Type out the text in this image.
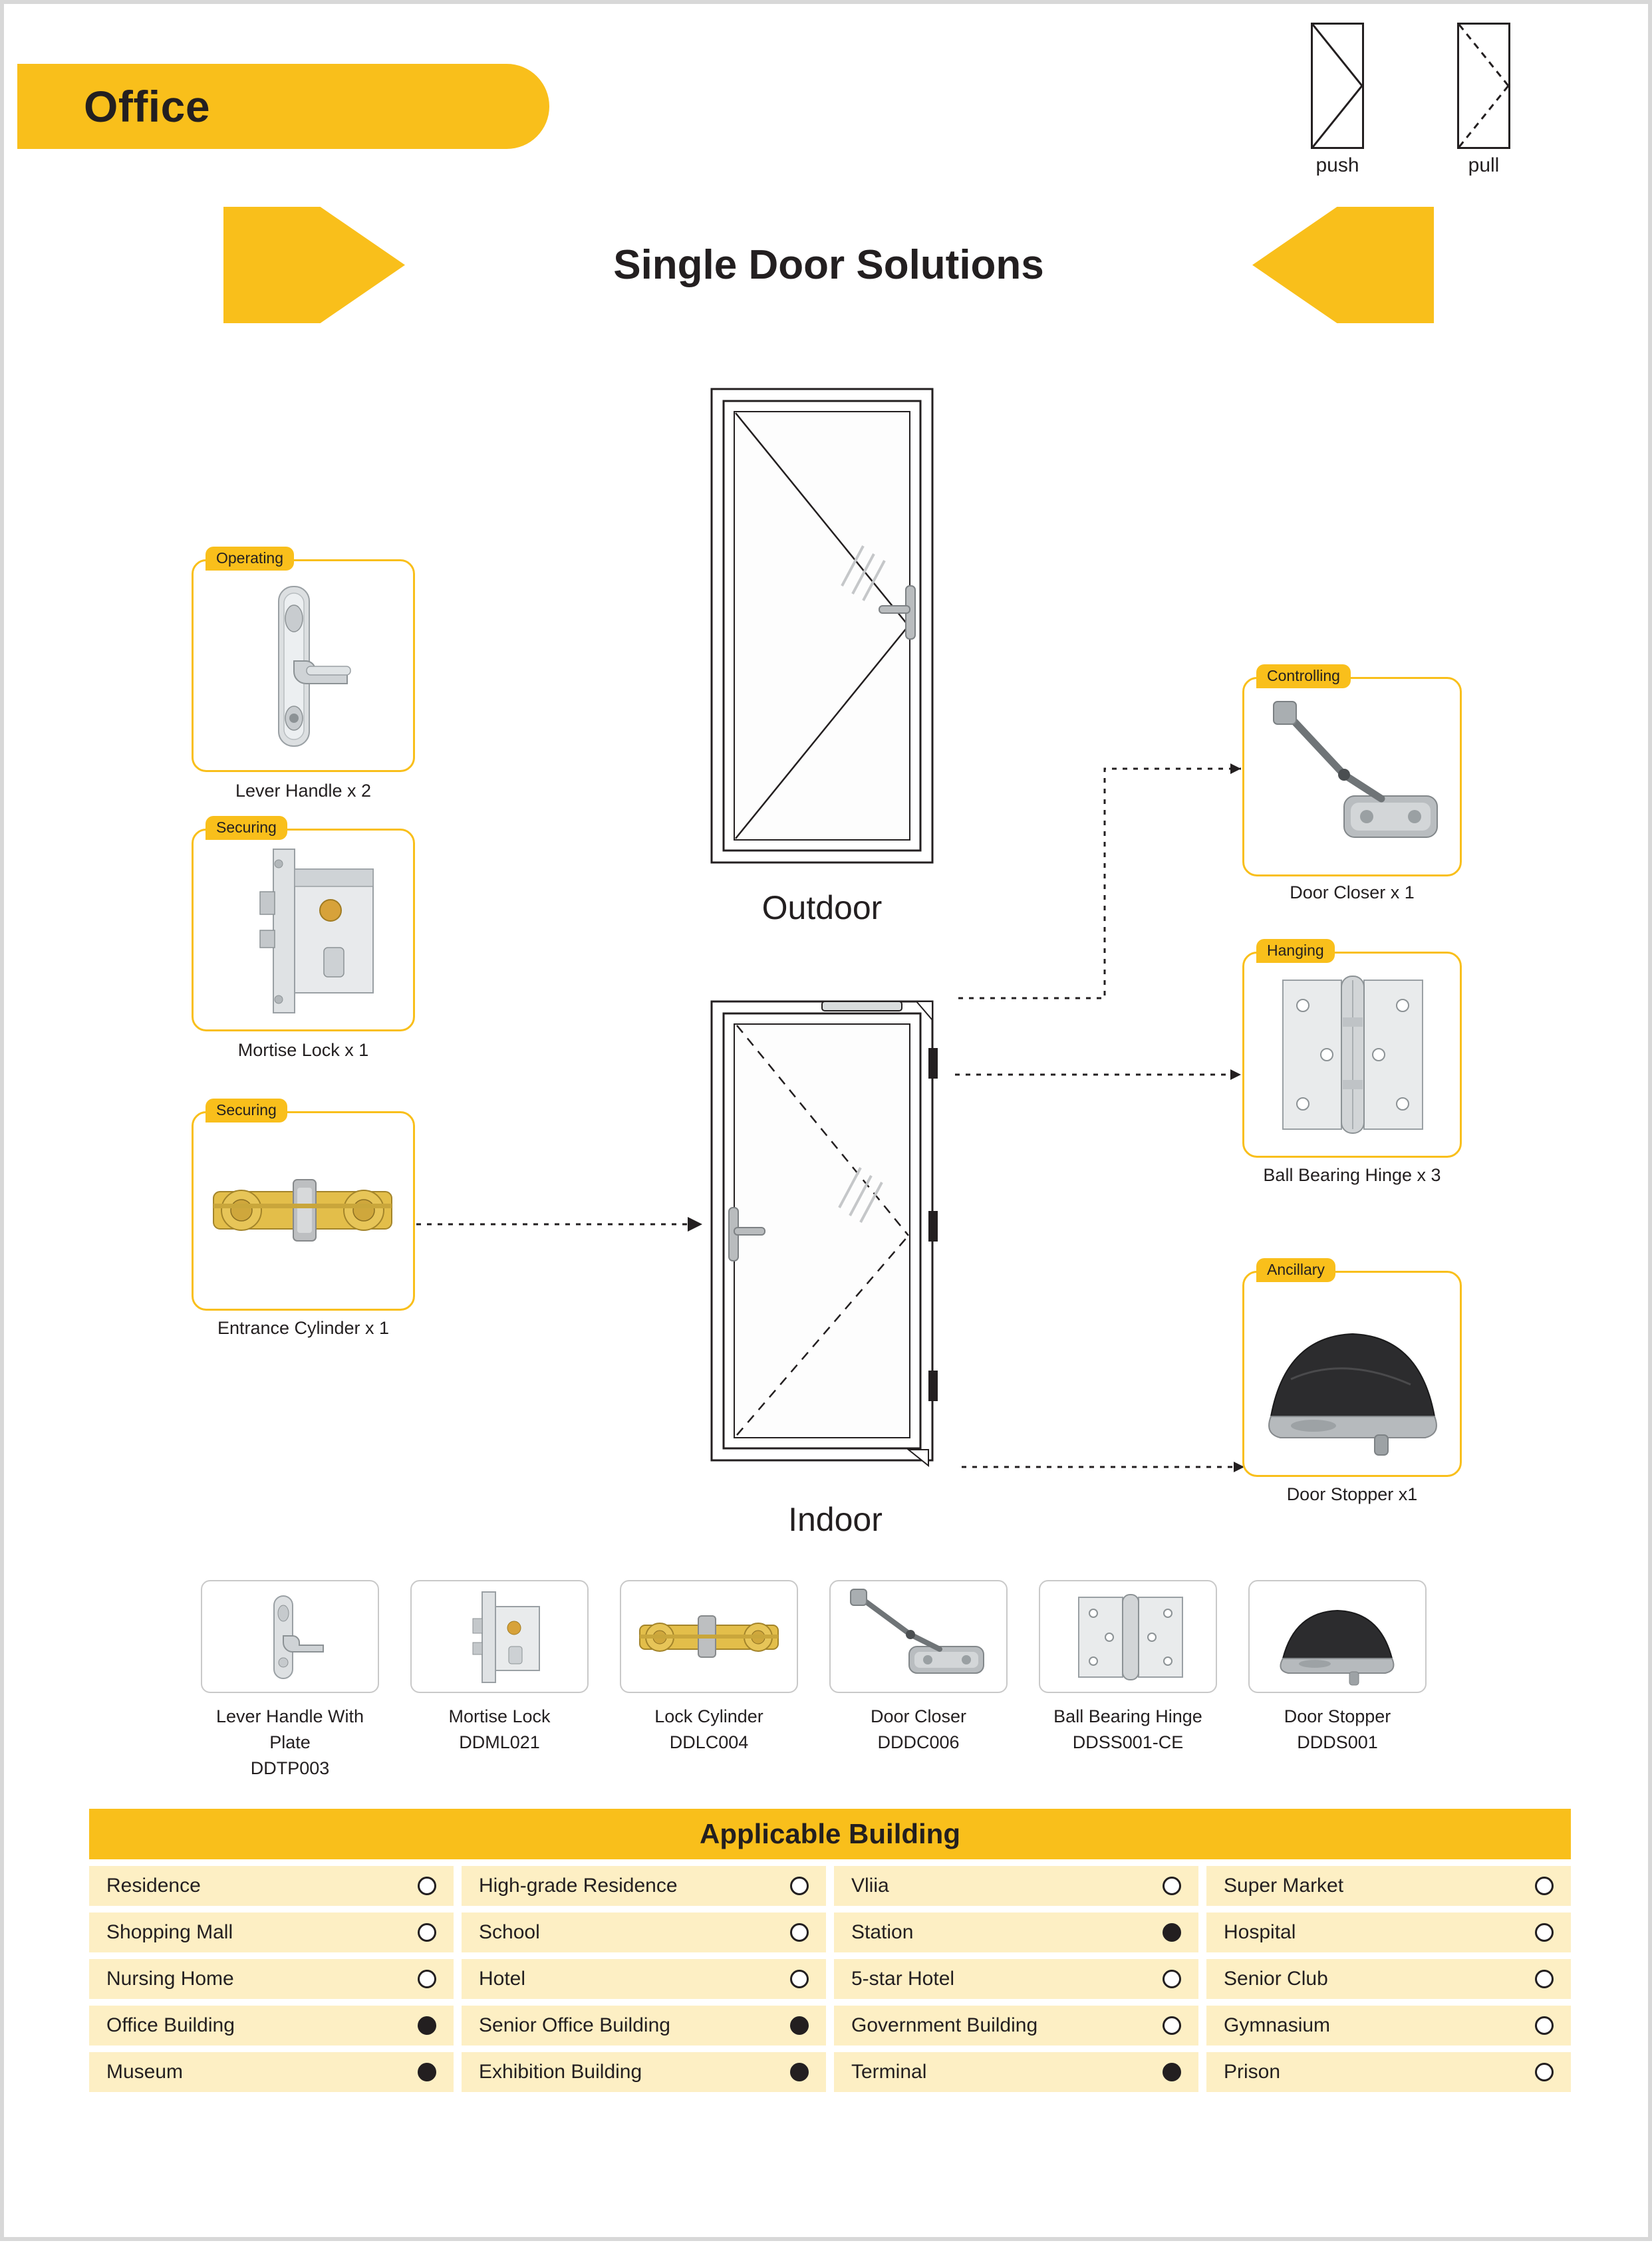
Office
push	pull
Single Door Solutions
Outdoor
Indoor
Operating
Lever Handle x 2
Securing
Mortise Lock x 1
Securing
Entrance Cylinder x 1
Controlling
Door Closer x 1
Hanging
Ball Bearing Hinge x 3
Ancillary
Door Stopper x1
Lever Handle With Plate
DDTP003
Mortise Lock
DDML021
Lock Cylinder
DDLC004
Door Closer
DDDC006
Ball Bearing Hinge
DDSS001-CE
Door Stopper
DDDS001
Applicable Building
Residence	High-grade Residence	Vliia	Super Market
Shopping Mall	School	Station	Hospital
Nursing Home	Hotel	5-star Hotel	Senior Club
Office Building	Senior Office Building	Government Building	Gymnasium
Museum	Exhibition Building	Terminal	Prison
